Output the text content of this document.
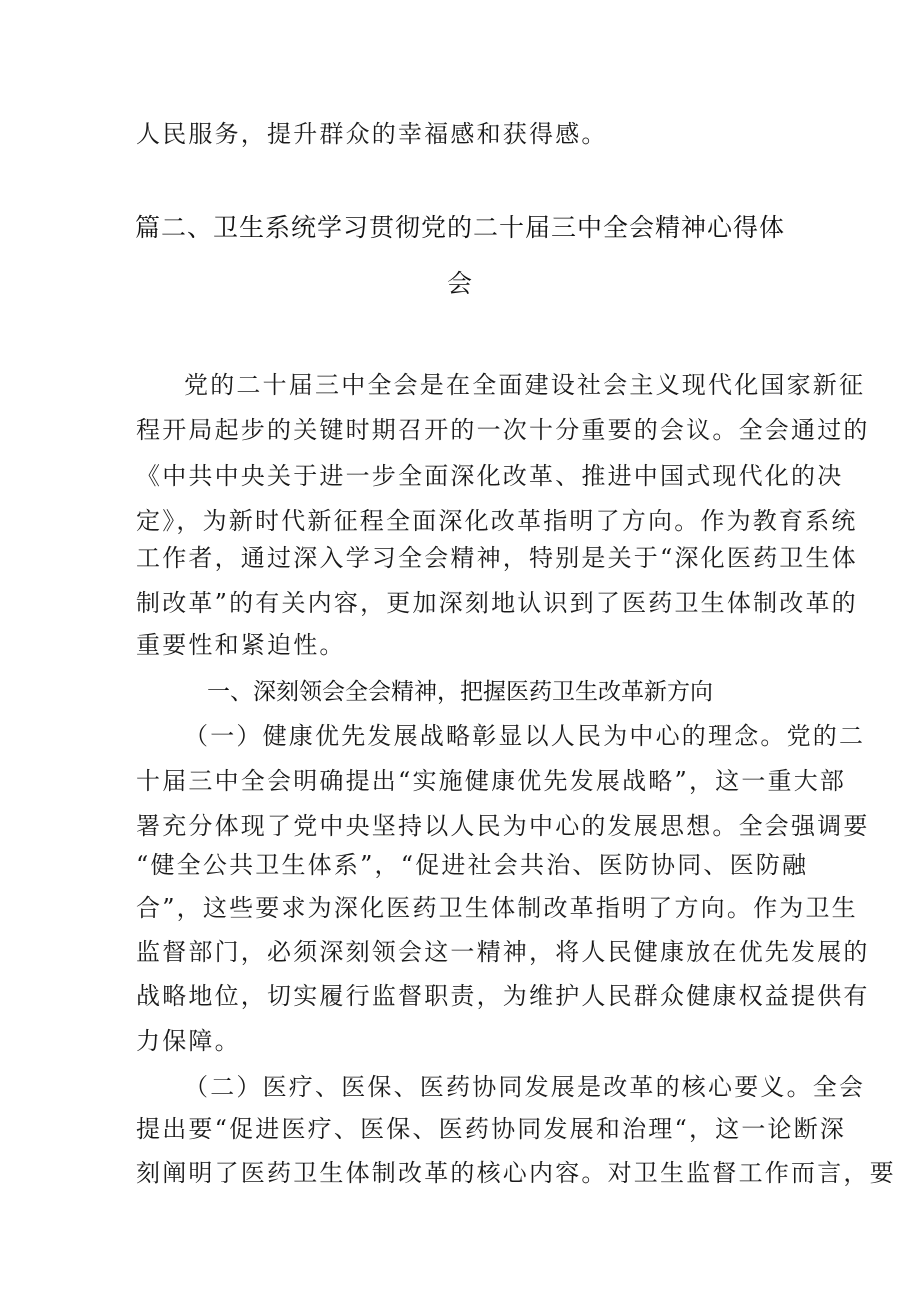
人民服务，提升群众的幸福感和获得感。
篇二、卫生系统学习贯彻党的二十届三中全会精神心得体
会
党的二十届三中全会是在全面建设社会主义现代化国家新征
程开局起步的关键时期召开的一次十分重要的会议。全会通过的
《中共中央关于进一步全面深化改革、推进中国式现代化的决
定》，为新时代新征程全面深化改革指明了方向。作为教育系统
工作者，通过深入学习全会精神，特别是关于“深化医药卫生体
制改革”的有关内容，更加深刻地认识到了医药卫生体制改革的
重要性和紧迫性。
一、深刻领会全会精神，把握医药卫生改革新方向
（一）健康优先发展战略彰显以人民为中心的理念。党的二
十届三中全会明确提出“实施健康优先发展战略”，这一重大部
署充分体现了党中央坚持以人民为中心的发展思想。全会强调要
“健全公共卫生体系”，“促进社会共治、医防协同、医防融
合”，这些要求为深化医药卫生体制改革指明了方向。作为卫生
监督部门，必须深刻领会这一精神，将人民健康放在优先发展的
战略地位，切实履行监督职责，为维护人民群众健康权益提供有
力保障。
（二）医疗、医保、医药协同发展是改革的核心要义。全会
提出要“促进医疗、医保、医药协同发展和治理“，这一论断深
刻阐明了医药卫生体制改革的核心内容。对卫生监督工作而言，要
